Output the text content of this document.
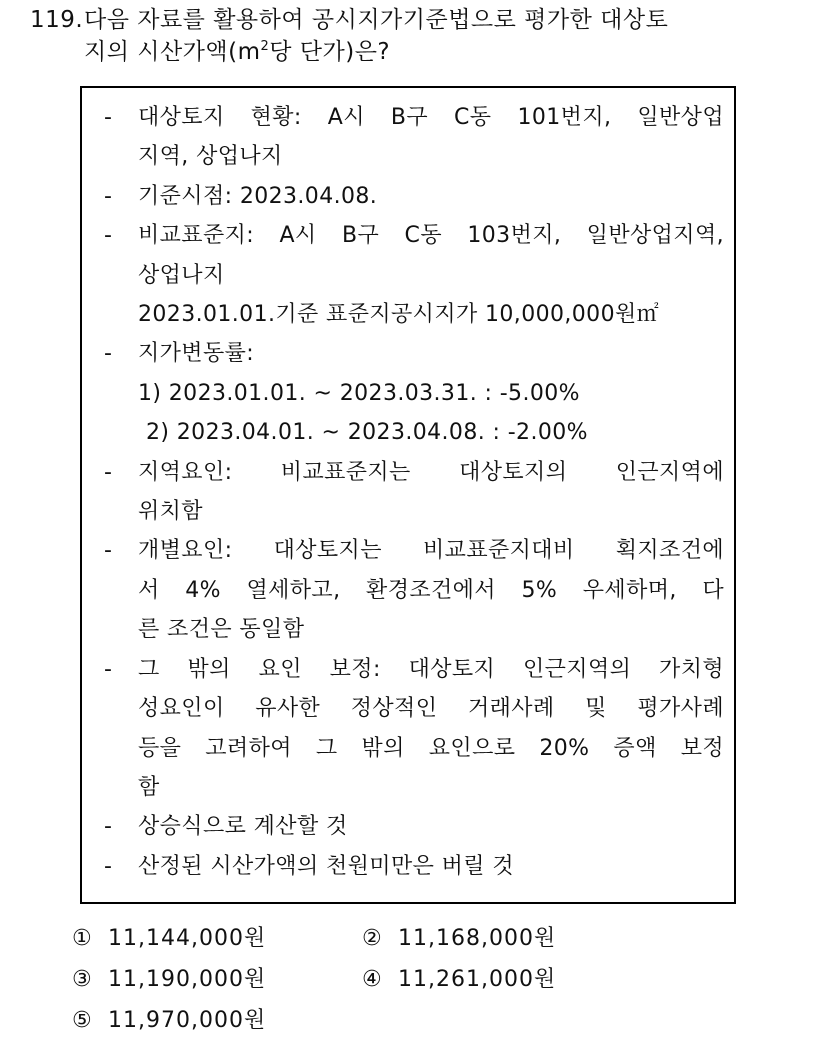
119.다음 자료를 활용하여 공시지가기준법으로 평가한 대상토
지의 시산가액($m^2$당 단가)은?
-	대상토지 현황: A시 B구 C동 101번지, 일반상업
지역, 상업나지
-	기준시점: 2023.04.08.
-	비교표준지: A시 B구 C동 103번지, 일반상업지역,
상업나지
2023.01.01.기준 표준지공시지가 10,000,000원㎡
-	지가변동률:
1) 2023.01.01. ~ 2023.03.31. : -5.00%
2) 2023.04.01. ~ 2023.04.08. : -2.00%
-	지역요인: 비교표준지는 대상토지의 인근지역에
위치함
-	개별요인: 대상토지는 비교표준지대비 획지조건에
서 4% 열세하고, 환경조건에서 5% 우세하며, 다
른 조건은 동일함
-	그 밖의 요인 보정: 대상토지 인근지역의 가치형
성요인이 유사한 정상적인 거래사례 및 평가사례
등을 고려하여 그 밖의 요인으로 20% 증액 보정
함
-	상승식으로 계산할 것
-	산정된 시산가액의 천원미만은 버릴 것
① 11,144,000원	② 11,168,000원
③ 11,190,000원	④ 11,261,000원
⑤ 11,970,000원
